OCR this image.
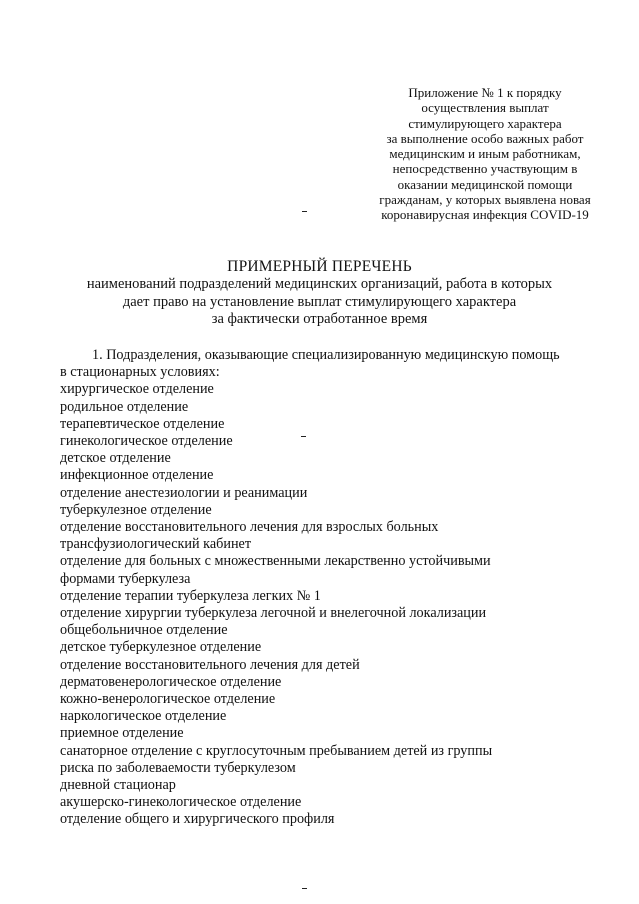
Приложение № 1 к порядку
осуществления выплат
стимулирующего характера
за выполнение особо важных работ
медицинским и иным работникам,
непосредственно участвующим в
оказании медицинской помощи
гражданам, у которых выявлена новая
коронавирусная инфекция COVID-19
ПРИМЕРНЫЙ ПЕРЕЧЕНЬ
наименований подразделений медицинских организаций, работа в которых
дает право на установление выплат стимулирующего характера
за фактически отработанное время
1. Подразделения, оказывающие специализированную медицинскую помощь
в стационарных условиях:
хирургическое отделение
родильное отделение
терапевтическое отделение
гинекологическое отделение
детское отделение
инфекционное отделение
отделение анестезиологии и реанимации
туберкулезное отделение
отделение восстановительного лечения для взрослых больных
трансфузиологический кабинет
отделение для больных с множественными лекарственно устойчивыми
формами туберкулеза
отделение терапии туберкулеза легких № 1
отделение хирургии туберкулеза легочной и внелегочной локализации
общебольничное отделение
детское туберкулезное отделение
отделение восстановительного лечения для детей
дерматовенерологическое отделение
кожно-венерологическое отделение
наркологическое отделение
приемное отделение
санаторное отделение с круглосуточным пребыванием детей из группы
риска по заболеваемости туберкулезом
дневной стационар
акушерско-гинекологическое отделение
отделение общего и хирургического профиля
